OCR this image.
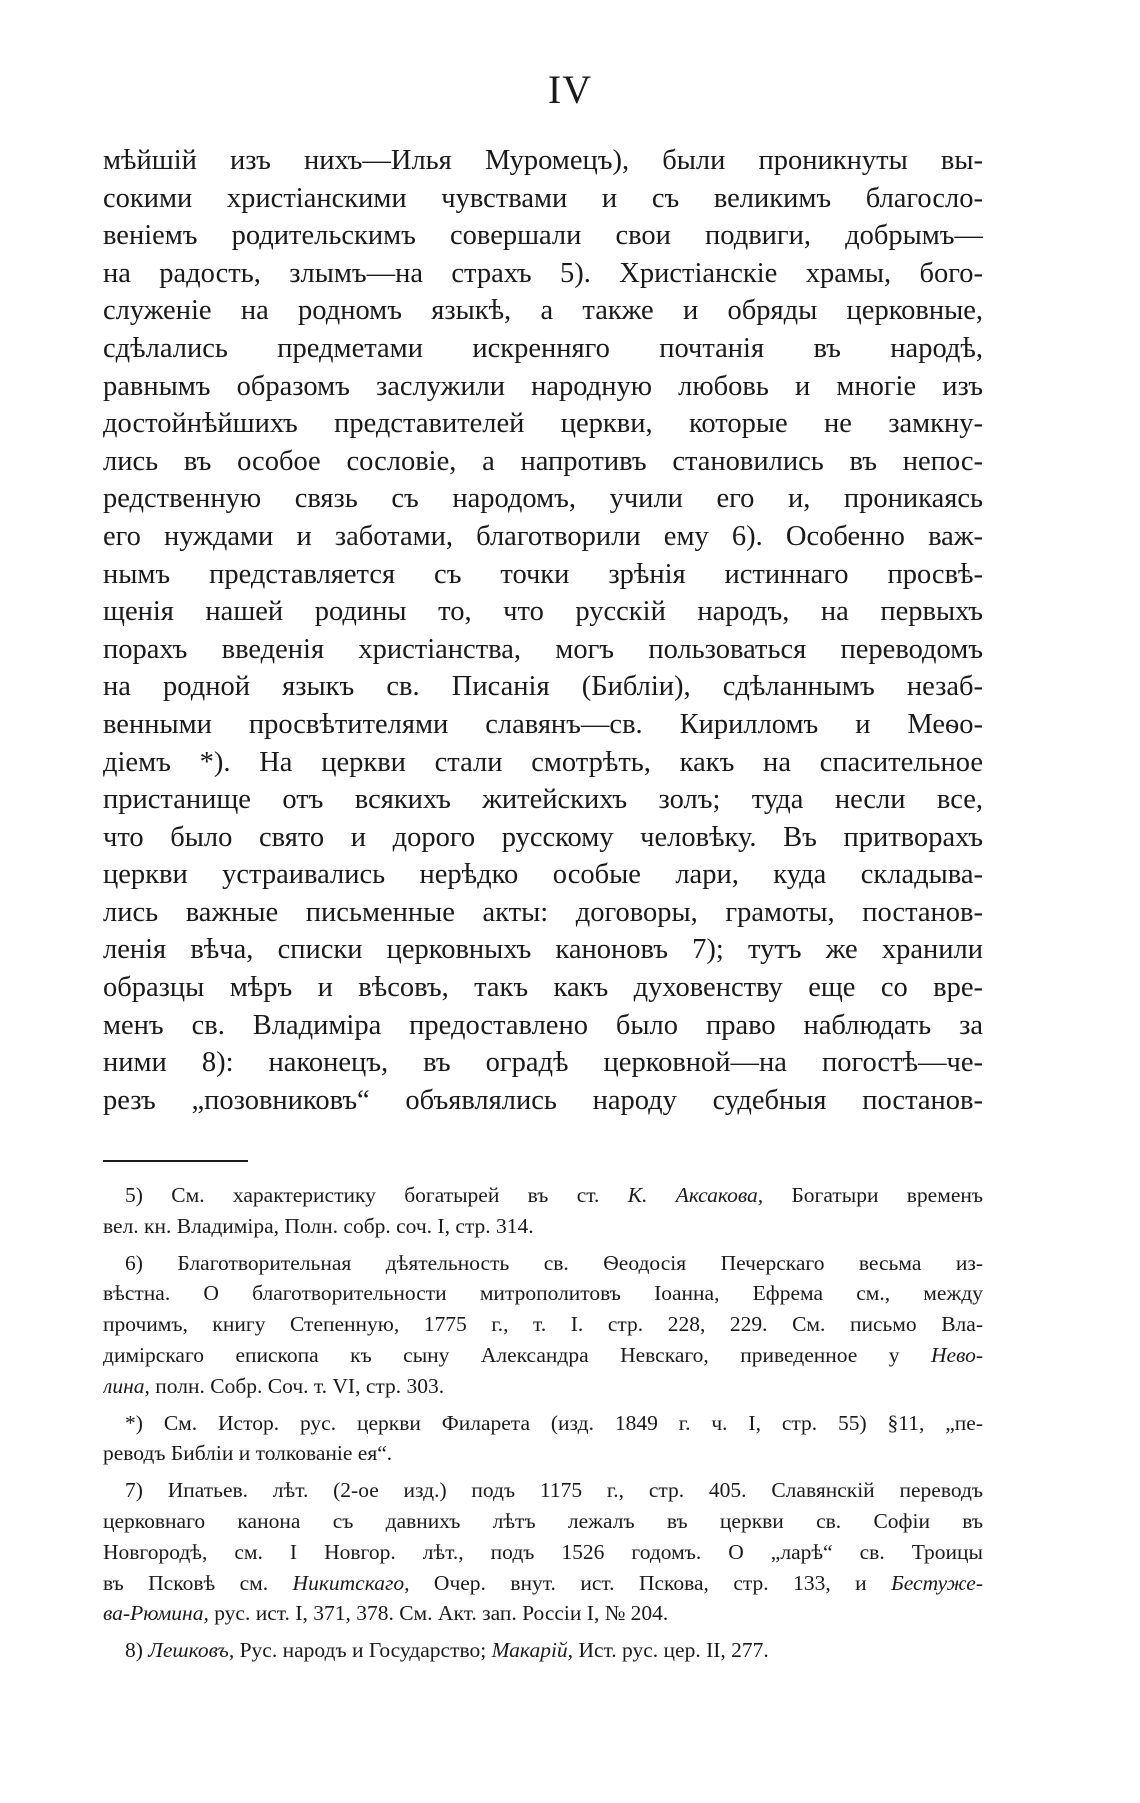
IV
мѣйшій изъ нихъ—Илья Муромецъ), были проникнуты вы-
сокими христіанскими чувствами и съ великимъ благосло-
веніемъ родительскимъ совершали свои подвиги, добрымъ—
на радость, злымъ—на страхъ 5). Христіанскіе храмы, бого-
служеніе на родномъ языкѣ, а также и обряды церковные,
сдѣлались предметами искренняго почтанія въ народѣ,
равнымъ образомъ заслужили народную любовь и многіе изъ
достойнѣйшихъ представителей церкви, которые не замкну-
лись въ особое сословіе, а напротивъ становились въ непос-
редственную связь съ народомъ, учили его и, проникаясь
его нуждами и заботами, благотворили ему 6). Особенно важ-
нымъ представляется съ точки зрѣнія истиннаго просвѣ-
щенія нашей родины то, что русскій народъ, на первыхъ
порахъ введенія христіанства, могъ пользоваться переводомъ
на родной языкъ св. Писанія (Библіи), сдѣланнымъ незаб-
венными просвѣтителями славянъ—св. Кирилломъ и Меѳо-
діемъ *). На церкви стали смотрѣть, какъ на спасительное
пристанище отъ всякихъ житейскихъ золъ; туда несли все,
что было свято и дорого русскому человѣку. Въ притворахъ
церкви устраивались нерѣдко особые лари, куда складыва-
лись важные письменные акты: договоры, грамоты, постанов-
ленія вѣча, списки церковныхъ каноновъ 7); тутъ же хранили
образцы мѣръ и вѣсовъ, такъ какъ духовенству еще со вре-
менъ св. Владиміра предоставлено было право наблюдать за
ними 8): наконецъ, въ оградѣ церковной—на погостѣ—че-
резъ „позовниковъ“ объявлялись народу судебныя постанов-
5) См. характеристику богатырей въ ст. К. Аксакова, Богатыри временъ
вел. кн. Владиміра, Полн. собр. соч. I, стр. 314.
6) Благотворительная дѣятельность св. Ѳеодосія Печерскаго весьма из-
вѣстна. О благотворительности митрополитовъ Іоанна, Ефрема см., между
прочимъ, книгу Степенную, 1775 г., т. I. стр. 228, 229. См. письмо Вла-
димірскаго епископа къ сыну Александра Невскаго, приведенное у Нево-
лина, полн. Собр. Соч. т. VI, стр. 303.
*) См. Истор. рус. церкви Филарета (изд. 1849 г. ч. I, стр. 55) §11, „пе-
реводъ Библіи и толкованіе ея“.
7) Ипатьев. лѣт. (2-ое изд.) подъ 1175 г., стр. 405. Славянскій переводъ
церковнаго канона съ давнихъ лѣтъ лежалъ въ церкви св. Софіи въ
Новгородѣ, см. I Новгор. лѣт., подъ 1526 годомъ. О „ларѣ“ св. Троицы
въ Псковѣ см. Никитскаго, Очер. внут. ист. Пскова, стр. 133, и Бестуже-
ва-Рюмина, рус. ист. I, 371, 378. См. Акт. зап. Россіи I, № 204.
8) Лешковъ, Рус. народъ и Государство; Макарій, Ист. рус. цер. II, 277.
